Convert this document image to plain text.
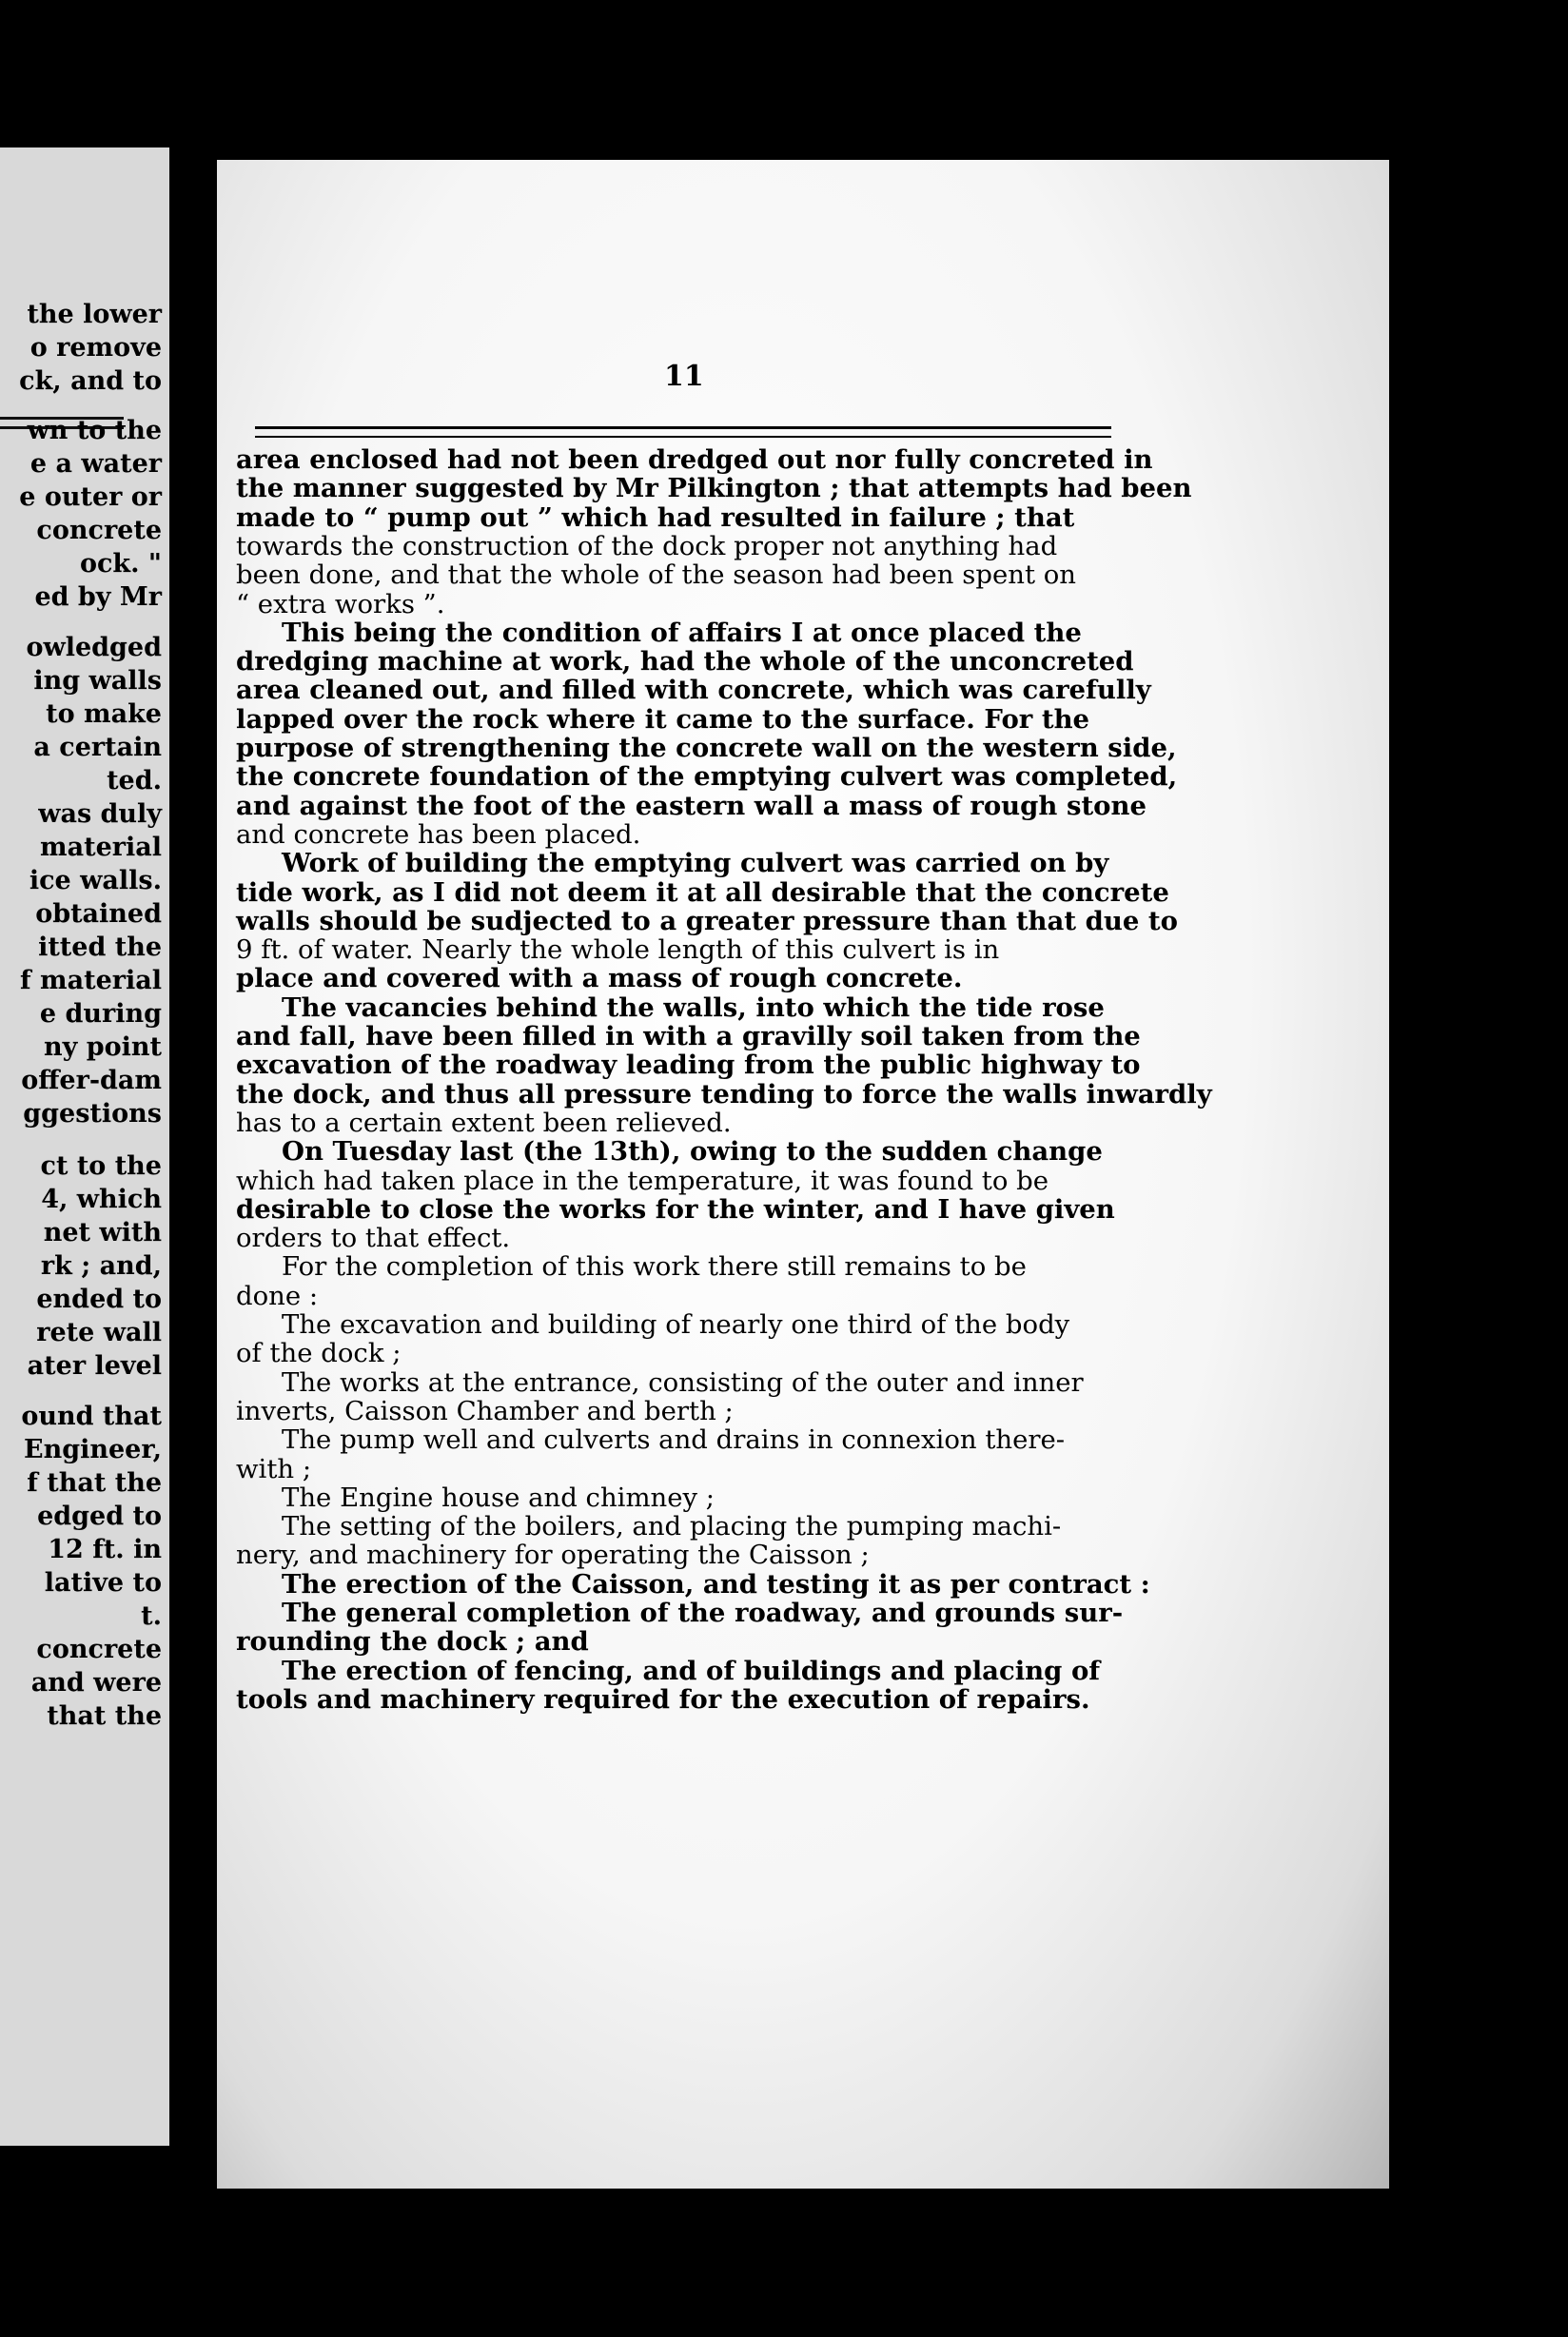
the lower
o remove
ck, and to
wn to the
e a water
e outer or
concrete
ock. "
ed by Mr
owledged
ing walls
to make
a certain
ted.
was duly
material
ice walls.
obtained
itted the
f material
e during
ny point
offer-dam
ggestions
ct to the
4, which
net with
rk ; and,
ended to
rete wall
ater level
ound that
Engineer,
f that the
edged to
12 ft. in
lative to
t.
concrete
and were
that the
11
area enclosed had not been dredged out nor fully concreted in
the manner suggested by Mr Pilkington ; that attempts had been
made to “ pump out ” which had resulted in failure ; that
towards the construction of the dock proper not anything had
been done, and that the whole of the season had been spent on
“ extra works ”.
This being the condition of affairs I at once placed the
dredging machine at work, had the whole of the unconcreted
area cleaned out, and filled with concrete, which was carefully
lapped over the rock where it came to the surface. For the
purpose of strengthening the concrete wall on the western side,
the concrete foundation of the emptying culvert was completed,
and against the foot of the eastern wall a mass of rough stone
and concrete has been placed.
Work of building the emptying culvert was carried on by
tide work, as I did not deem it at all desirable that the concrete
walls should be sudjected to a greater pressure than that due to
9 ft. of water. Nearly the whole length of this culvert is in
place and covered with a mass of rough concrete.
The vacancies behind the walls, into which the tide rose
and fall, have been filled in with a gravilly soil taken from the
excavation of the roadway leading from the public highway to
the dock, and thus all pressure tending to force the walls inwardly
has to a certain extent been relieved.
On Tuesday last (the 13th), owing to the sudden change
which had taken place in the temperature, it was found to be
desirable to close the works for the winter, and I have given
orders to that effect.
For the completion of this work there still remains to be
done :
The excavation and building of nearly one third of the body
of the dock ;
The works at the entrance, consisting of the outer and inner
inverts, Caisson Chamber and berth ;
The pump well and culverts and drains in connexion there-
with ;
The Engine house and chimney ;
The setting of the boilers, and placing the pumping machi-
nery, and machinery for operating the Caisson ;
The erection of the Caisson, and testing it as per contract :
The general completion of the roadway, and grounds sur-
rounding the dock ; and
The erection of fencing, and of buildings and placing of
tools and machinery required for the execution of repairs.
